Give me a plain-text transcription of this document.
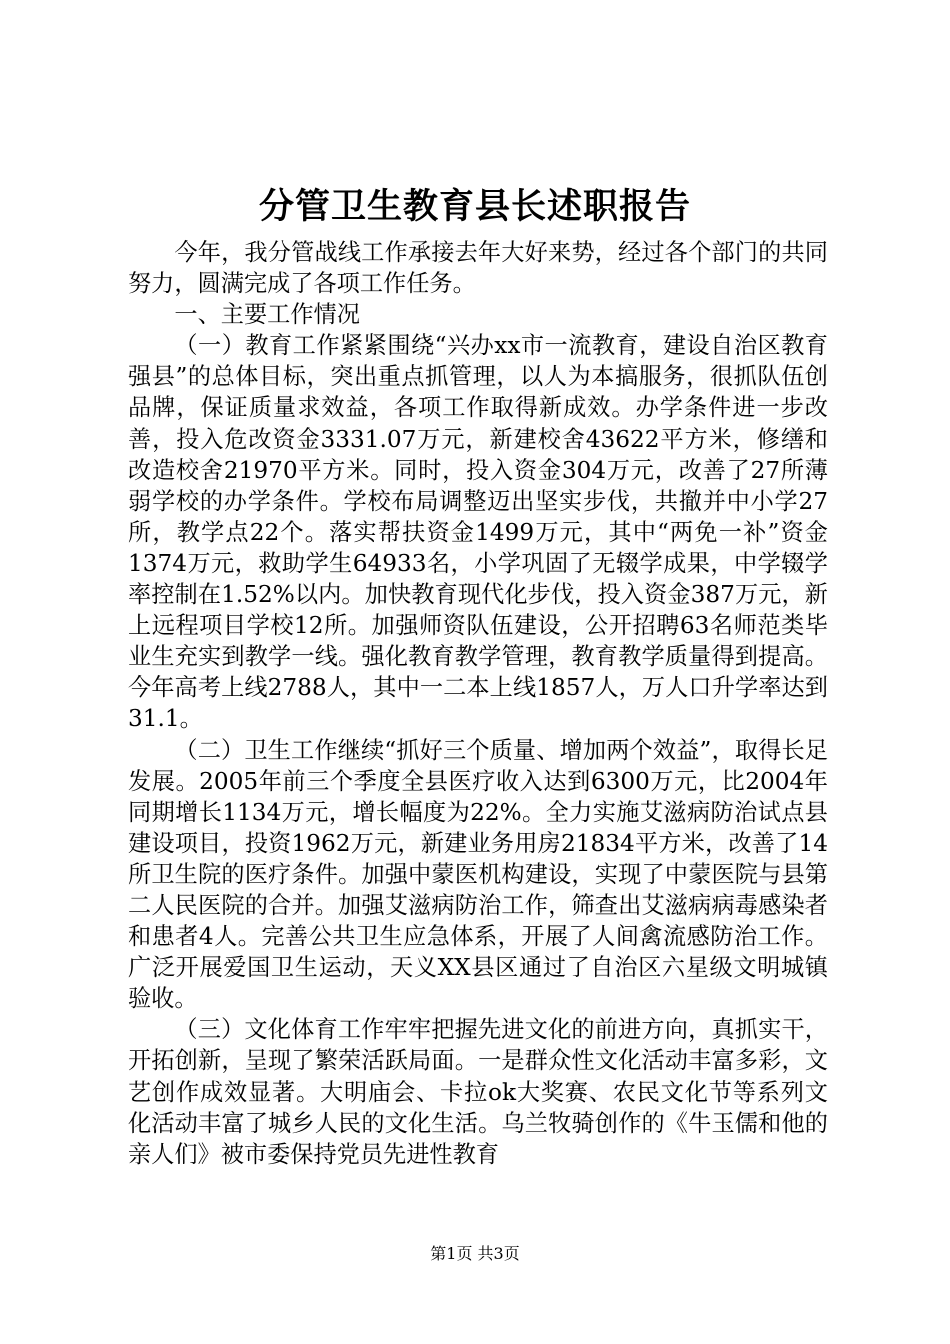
分管卫生教育县长述职报告

今年，我分管战线工作承接去年大好来势，经过各个部门的共同努力，圆满完成了各项工作任务。

一、主要工作情况

（一）教育工作紧紧围绕“兴办xx市一流教育，建设自治区教育强县”的总体目标，突出重点抓管理，以人为本搞服务，很抓队伍创品牌，保证质量求效益，各项工作取得新成效。办学条件进一步改善，投入危改资金3331.07万元，新建校舍43622平方米，修缮和改造校舍21970平方米。同时，投入资金304万元，改善了27所薄弱学校的办学条件。学校布局调整迈出坚实步伐，共撤并中小学27所，教学点22个。落实帮扶资金1499万元，其中“两免一补”资金1374万元，救助学生64933名，小学巩固了无辍学成果，中学辍学率控制在1.52%以内。加快教育现代化步伐，投入资金387万元，新上远程项目学校12所。加强师资队伍建设，公开招聘63名师范类毕业生充实到教学一线。强化教育教学管理，教育教学质量得到提高。今年高考上线2788人，其中一二本上线1857人，万人口升学率达到31.1。

（二）卫生工作继续“抓好三个质量、增加两个效益”，取得长足发展。2005年前三个季度全县医疗收入达到6300万元，比2004年同期增长1134万元，增长幅度为22%。全力实施艾滋病防治试点县建设项目，投资1962万元，新建业务用房21834平方米，改善了14所卫生院的医疗条件。加强中蒙医机构建设，实现了中蒙医院与县第二人民医院的合并。加强艾滋病防治工作，筛查出艾滋病病毒感染者和患者4人。完善公共卫生应急体系，开展了人间禽流感防治工作。广泛开展爱国卫生运动，天义XX县区通过了自治区六星级文明城镇验收。

（三）文化体育工作牢牢把握先进文化的前进方向，真抓实干，开拓创新，呈现了繁荣活跃局面。一是群众性文化活动丰富多彩，文艺创作成效显著。大明庙会、卡拉ok大奖赛、农民文化节等系列文化活动丰富了城乡人民的文化生活。乌兰牧骑创作的《牛玉儒和他的亲人们》被市委保持党员先进性教育

第1页 共3页
